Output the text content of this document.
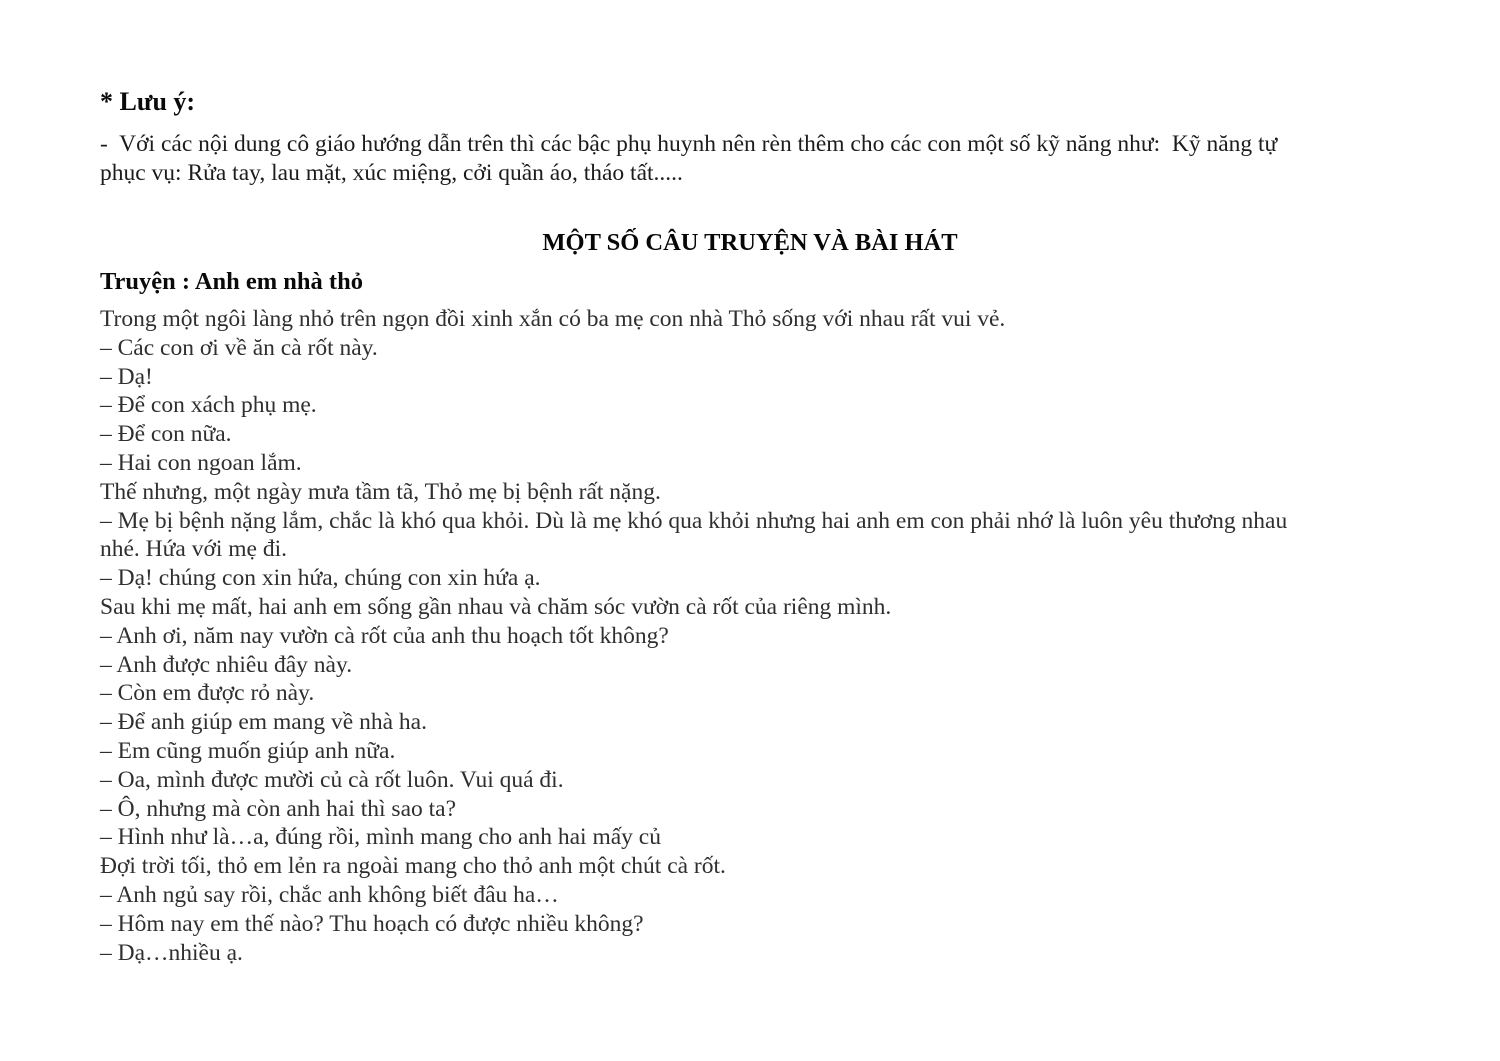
* Lưu ý:
-  Với các nội dung cô giáo hướng dẫn trên thì các bậc phụ huynh nên rèn thêm cho các con một số kỹ năng như:  Kỹ năng tự
phục vụ: Rửa tay, lau mặt, xúc miệng, cởi quần áo, tháo tất.....
MỘT SỐ CÂU TRUYỆN VÀ BÀI HÁT
Truyện : Anh em nhà thỏ
Trong một ngôi làng nhỏ trên ngọn đồi xinh xắn có ba mẹ con nhà Thỏ sống với nhau rất vui vẻ.
– Các con ơi về ăn cà rốt này.
– Dạ!
– Để con xách phụ mẹ.
– Để con nữa.
– Hai con ngoan lắm.
Thế nhưng, một ngày mưa tầm tã, Thỏ mẹ bị bệnh rất nặng.
– Mẹ bị bệnh nặng lắm, chắc là khó qua khỏi. Dù là mẹ khó qua khỏi nhưng hai anh em con phải nhớ là luôn yêu thương nhau
nhé. Hứa với mẹ đi.
– Dạ! chúng con xin hứa, chúng con xin hứa ạ.
Sau khi mẹ mất, hai anh em sống gần nhau và chăm sóc vườn cà rốt của riêng mình.
– Anh ơi, năm nay vườn cà rốt của anh thu hoạch tốt không?
– Anh được nhiêu đây này.
– Còn em được rỏ này.
– Để anh giúp em mang về nhà ha.
– Em cũng muốn giúp anh nữa.
– Oa, mình được mười củ cà rốt luôn. Vui quá đi.
– Ô, nhưng mà còn anh hai thì sao ta?
– Hình như là…a, đúng rồi, mình mang cho anh hai mấy củ
Đợi trời tối, thỏ em lẻn ra ngoài mang cho thỏ anh một chút cà rốt.
– Anh ngủ say rồi, chắc anh không biết đâu ha…
– Hôm nay em thế nào? Thu hoạch có được nhiều không?
– Dạ…nhiều ạ.
